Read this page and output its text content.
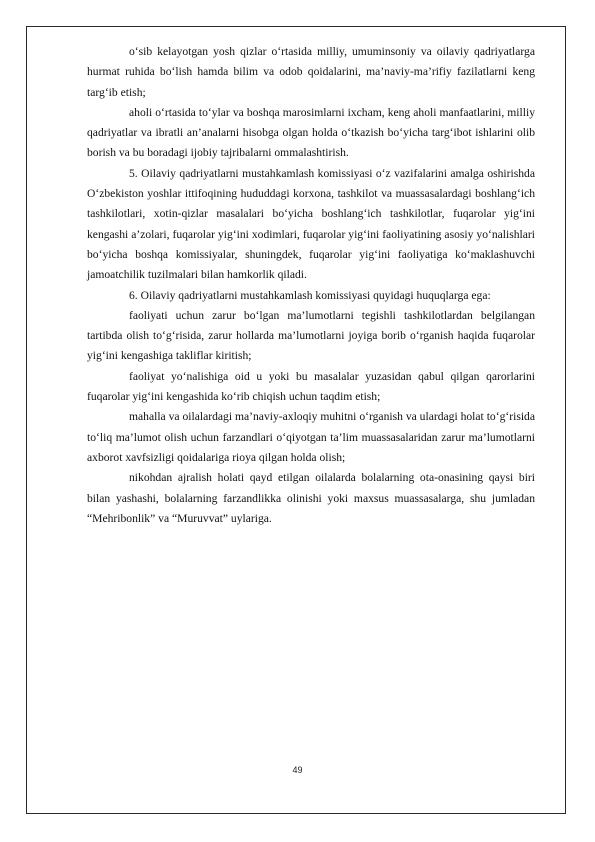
o‘sib kelayotgan yosh qizlar o‘rtasida milliy, umuminsoniy va oilaviy qadriyatlarga hurmat ruhida bo‘lish hamda bilim va odob qoidalarini, ma’naviy-ma’rifiy fazilatlarni keng targ‘ib etish;

aholi o‘rtasida to‘ylar va boshqa marosimlarni ixcham, keng aholi manfaatlarini, milliy qadriyatlar va ibratli an’analarni hisobga olgan holda o‘tkazish bo‘yicha targ‘ibot ishlarini olib borish va bu boradagi ijobiy tajribalarni ommalashtirish.

5. Oilaviy qadriyatlarni mustahkamlash komissiyasi o‘z vazifalarini amalga oshirishda O‘zbekiston yoshlar ittifoqining hududdagi korxona, tashkilot va muassasalardagi boshlang‘ich tashkilotlari, xotin-qizlar masalalari bo‘yicha boshlang‘ich tashkilotlar, fuqarolar yig‘ini kengashi a’zolari, fuqarolar yig‘ini xodimlari, fuqarolar yig‘ini faoliyatining asosiy yo‘nalishlari bo‘yicha boshqa komissiyalar, shuningdek, fuqarolar yig‘ini faoliyatiga ko‘maklashuvchi jamoatchilik tuzilmalari bilan hamkorlik qiladi.

6. Oilaviy qadriyatlarni mustahkamlash komissiyasi quyidagi huquqlarga ega:

faoliyati uchun zarur bo‘lgan ma’lumotlarni tegishli tashkilotlardan belgilangan tartibda olish to‘g‘risida, zarur hollarda ma’lumotlarni joyiga borib o‘rganish haqida fuqarolar yig‘ini kengashiga takliflar kiritish;

faoliyat yo‘nalishiga oid u yoki bu masalalar yuzasidan qabul qilgan qarorlarini fuqarolar yig‘ini kengashida ko‘rib chiqish uchun taqdim etish;

mahalla va oilalardagi ma’naviy-axloqiy muhitni o‘rganish va ulardagi holat to‘g‘risida to‘liq ma’lumot olish uchun farzandlari o‘qiyotgan ta’lim muassasalaridan zarur ma’lumotlarni axborot xavfsizligi qoidalariga rioya qilgan holda olish;

nikohdan ajralish holati qayd etilgan oilalarda bolalarning ota-onasining qaysi biri bilan yashashi, bolalarning farzandlikka olinishi yoki maxsus muassasalarga, shu jumladan “Mehribonlik” va “Muruvvat” uylariga.

49
